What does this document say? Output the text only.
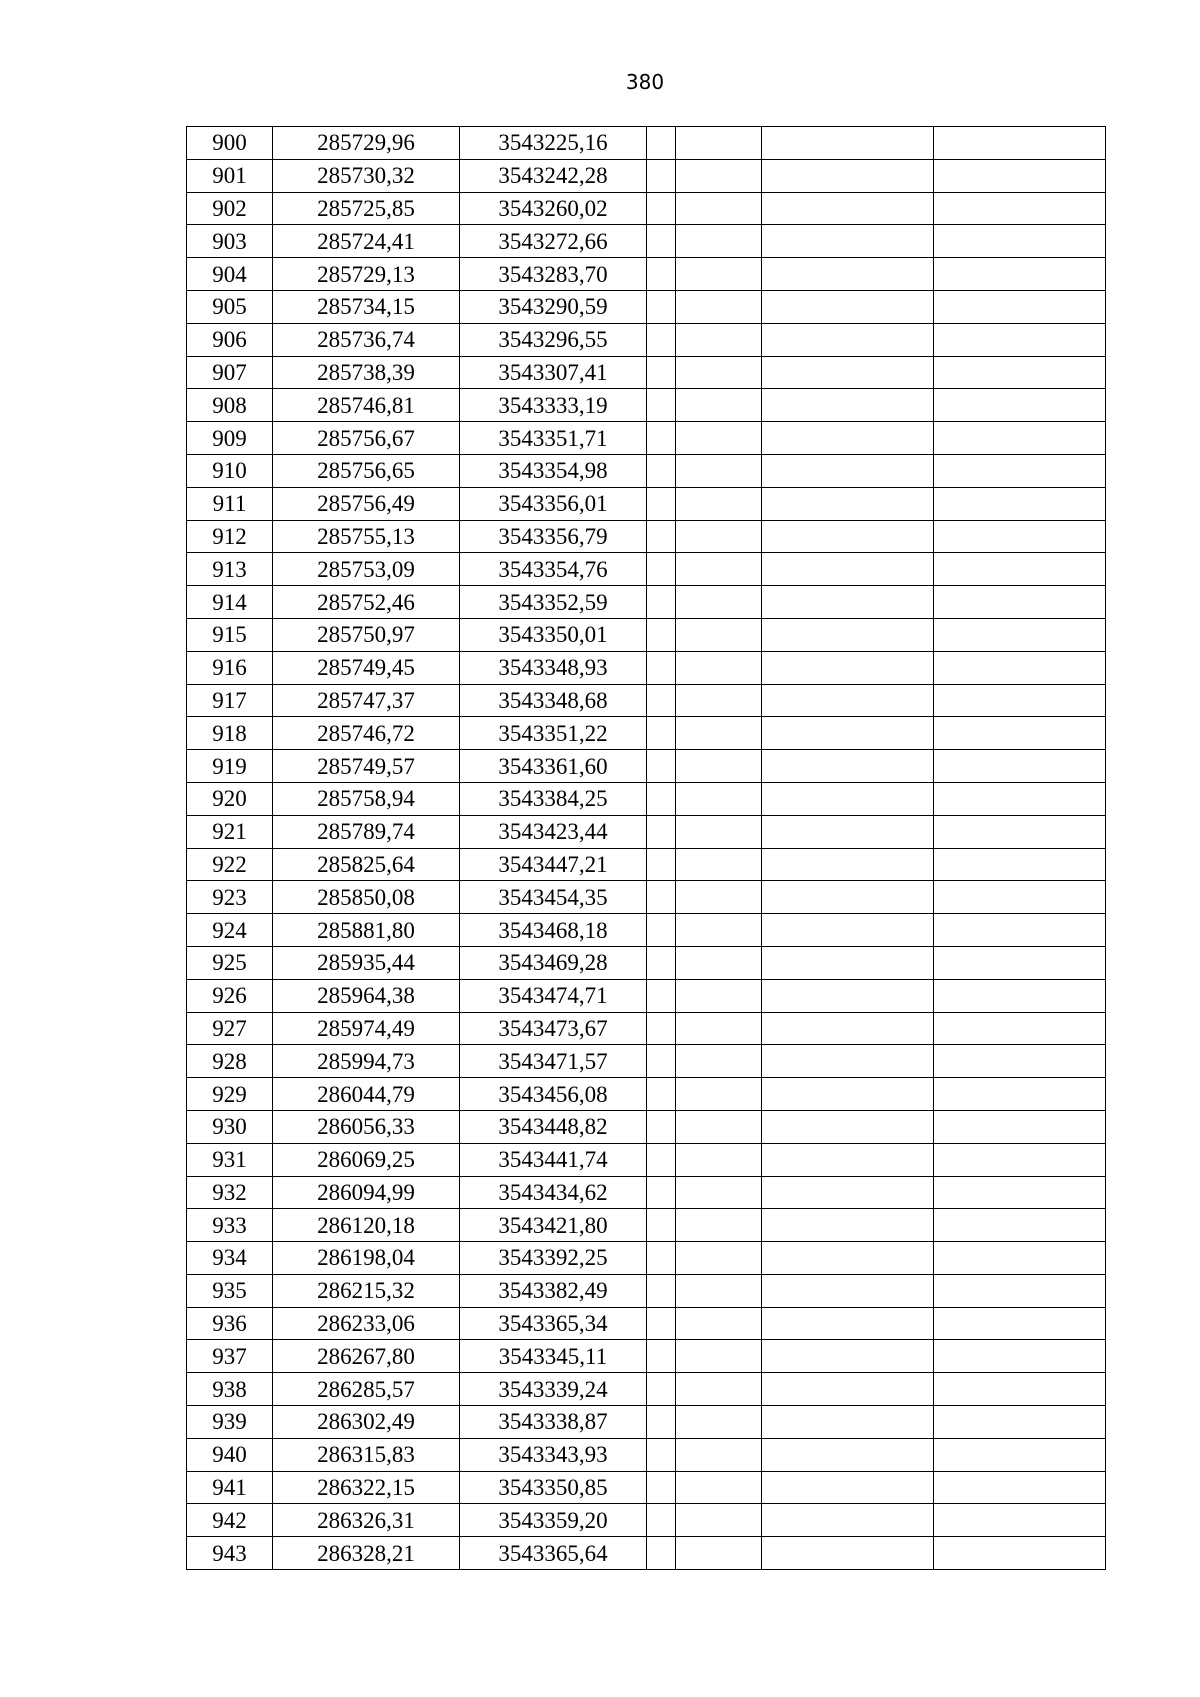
380
900	285729,96	3543225,16				
901	285730,32	3543242,28				
902	285725,85	3543260,02				
903	285724,41	3543272,66				
904	285729,13	3543283,70				
905	285734,15	3543290,59				
906	285736,74	3543296,55				
907	285738,39	3543307,41				
908	285746,81	3543333,19				
909	285756,67	3543351,71				
910	285756,65	3543354,98				
911	285756,49	3543356,01				
912	285755,13	3543356,79				
913	285753,09	3543354,76				
914	285752,46	3543352,59				
915	285750,97	3543350,01				
916	285749,45	3543348,93				
917	285747,37	3543348,68				
918	285746,72	3543351,22				
919	285749,57	3543361,60				
920	285758,94	3543384,25				
921	285789,74	3543423,44				
922	285825,64	3543447,21				
923	285850,08	3543454,35				
924	285881,80	3543468,18				
925	285935,44	3543469,28				
926	285964,38	3543474,71				
927	285974,49	3543473,67				
928	285994,73	3543471,57				
929	286044,79	3543456,08				
930	286056,33	3543448,82				
931	286069,25	3543441,74				
932	286094,99	3543434,62				
933	286120,18	3543421,80				
934	286198,04	3543392,25				
935	286215,32	3543382,49				
936	286233,06	3543365,34				
937	286267,80	3543345,11				
938	286285,57	3543339,24				
939	286302,49	3543338,87				
940	286315,83	3543343,93				
941	286322,15	3543350,85				
942	286326,31	3543359,20				
943	286328,21	3543365,64				
